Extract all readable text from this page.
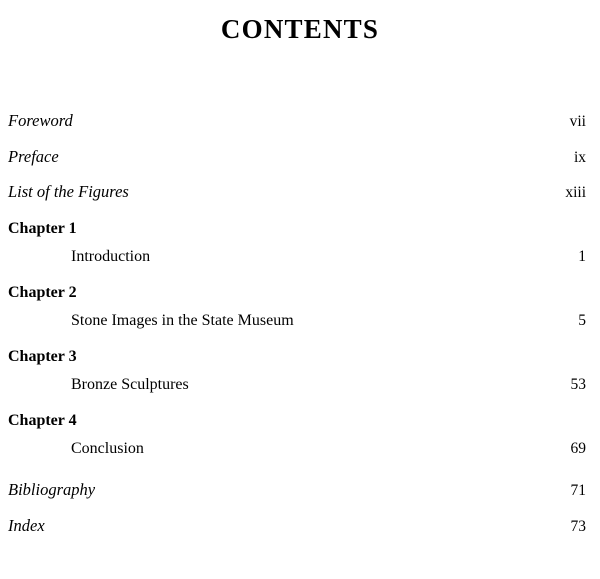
CONTENTS
Foreword	vii
Preface	ix
List of the Figures	xiii
Chapter 1
Introduction	1
Chapter 2
Stone Images in the State Museum	5
Chapter 3
Bronze Sculptures	53
Chapter 4
Conclusion	69
Bibliography	71
Index	73
